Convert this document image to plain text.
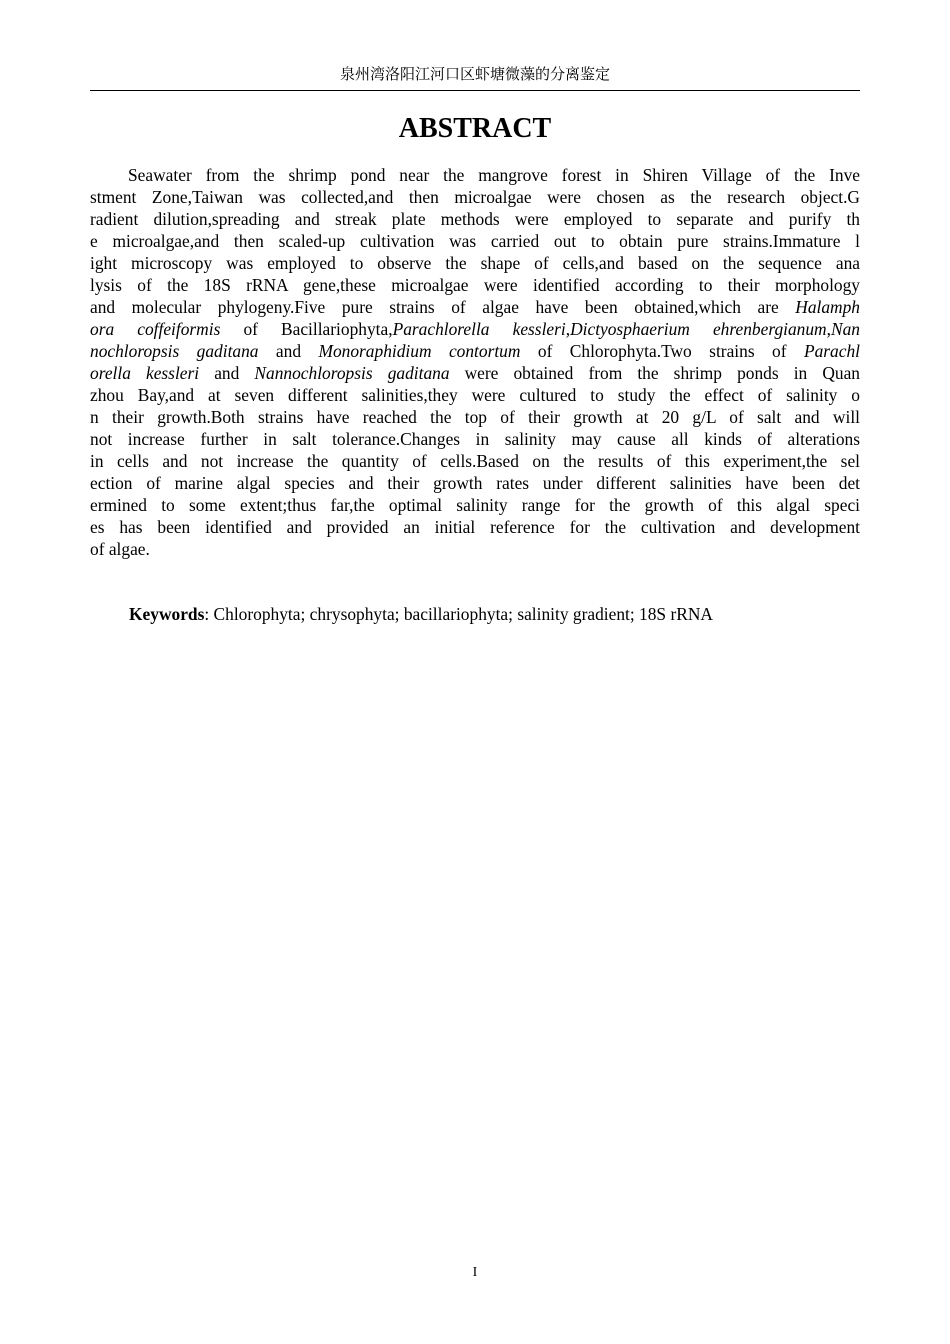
泉州湾洛阳江河口区虾塘微藻的分离鉴定
ABSTRACT
Seawater from the shrimp pond near the mangrove forest in Shiren Village of the Inve
stment Zone,Taiwan was collected,and then microalgae were chosen as the research object.G
radient dilution,spreading and streak plate methods were employed to separate and purify th
e microalgae,and then scaled-up cultivation was carried out to obtain pure strains.Immature l
ight microscopy was employed to observe the shape of cells,and based on the sequence ana
lysis of the 18S rRNA gene,these microalgae were identified according to their morphology
and molecular phylogeny.Five pure strains of algae have been obtained,which are Halamph
ora coffeiformis of Bacillariophyta,Parachlorella kessleri,Dictyosphaerium ehrenbergianum,Nan
nochloropsis gaditana and Monoraphidium contortum of Chlorophyta.Two strains of Parachl
orella kessleri and Nannochloropsis gaditana were obtained from the shrimp ponds in Quan
zhou Bay,and at seven different salinities,they were cultured to study the effect of salinity o
n their growth.Both strains have reached the top of their growth at 20 g/L of salt and will
not increase further in salt tolerance.Changes in salinity may cause all kinds of alterations
in cells and not increase the quantity of cells.Based on the results of this experiment,the sel
ection of marine algal species and their growth rates under different salinities have been det
ermined to some extent;thus far,the optimal salinity range for the growth of this algal speci
es has been identified and provided an initial reference for the cultivation and development
of algae.
Keywords: Chlorophyta; chrysophyta; bacillariophyta; salinity gradient; 18S rRNA
I
